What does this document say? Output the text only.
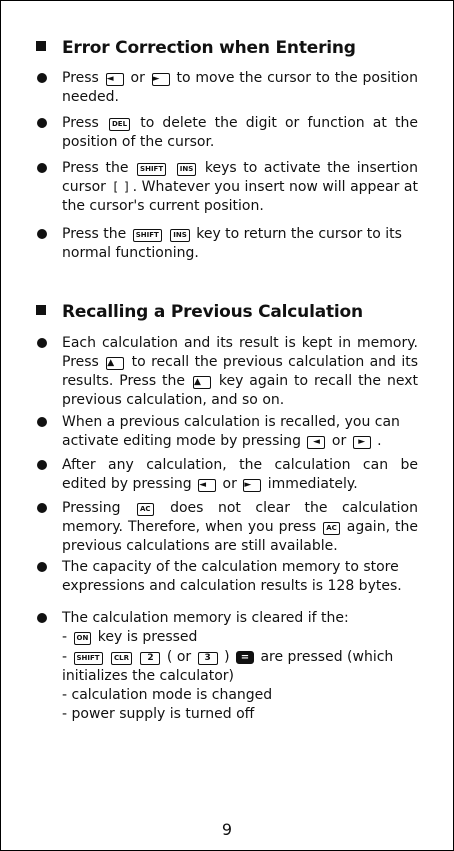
Error Correction when Entering
Press ◄ or ► to move the cursor to the position needed.
Press DEL to delete the digit or function at the position of the cursor.
Press the SHIFT INS keys to activate the insertion cursor [ ] . Whatever you insert now will appear at the cursor's current position.
Press the SHIFT INS key to return the cursor to its normal functioning.
Recalling a Previous Calculation
Each calculation and its result is kept in memory. Press ▲ to recall the previous calculation and its results. Press the ▲ key again to recall the next previous calculation, and so on.
When a previous calculation is recalled, you can activate editing mode by pressing ◄ or ► .
After any calculation, the calculation can be edited by pressing ◄ or ► immediately.
Pressing AC does not clear the calculation memory. Therefore, when you press AC again, the previous calculations are still available.
The capacity of the calculation memory to store expressions and calculation results is 128 bytes.
The calculation memory is cleared if the:
- ON key is pressed
- SHIFT CLR 2 ( or 3 ) = are pressed (which initializes the calculator)
- calculation mode is changed
- power supply is turned off
9
